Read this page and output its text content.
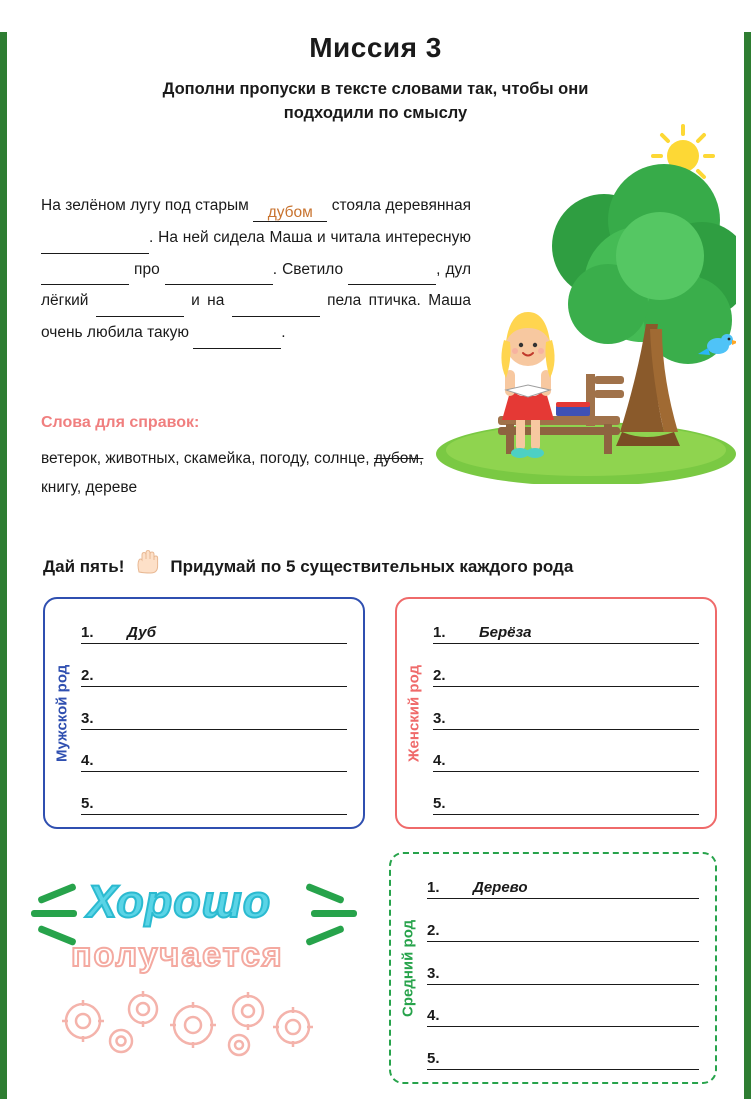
Миссия 3
Дополни пропуски в тексте словами так, чтобы они подходили по смыслу
На зелёном лугу под старым дубом стояла деревянная . На ней сидела Маша и читала интересную  про	. Светило	, дул лёгкий	и на	пела птичка. Маша очень любила такую	.
Слова для справок:
ветерок, животных, скамейка, погоду, солнце, дубом, книгу, дереве
Дай пять!	Придумай по 5 существительных каждого рода
Мужской род
1.	Дуб
2.
3.
4.
5.
Женский род
1.	Берёза
2.
3.
4.
5.
Средний род
1.	Дерево
2.
3.
4.
5.
Хорошо
получается
